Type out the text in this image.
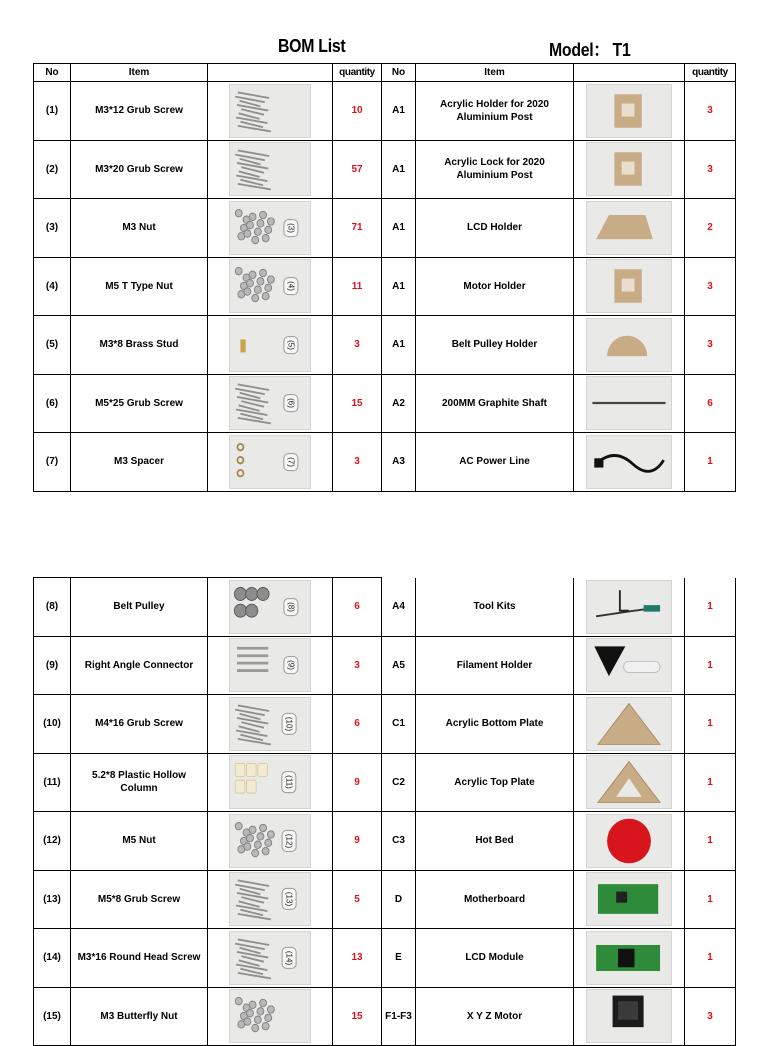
BOM List	Model： T1
No	Item		quantity	No	Item		quantity
(1)	M3*12 Grub Screw		10	A1	Acrylic Holder for 2020 Aluminium Post		3
(2)	M3*20 Grub Screw		57	A1	Acrylic Lock for 2020 Aluminium Post		3
(3)	M3 Nut	(3)	71	A1	LCD Holder		2
(4)	M5 T Type Nut	(4)	11	A1	Motor Holder		3
(5)	M3*8 Brass Stud	(5)	3	A1	Belt Pulley Holder		3
(6)	M5*25 Grub Screw	(6)	15	A2	200MM Graphite Shaft		6
(7)	M3 Spacer	(7)	3	A3	AC Power Line		1
(8)	Belt Pulley	(8)	6	A4	Tool Kits		1
(9)	Right Angle Connector	(9)	3	A5	Filament Holder		1
(10)	M4*16 Grub Screw	(10)	6	C1	Acrylic Bottom Plate		1
(11)	5.2*8 Plastic Hollow Column	(11)	9	C2	Acrylic Top Plate		1
(12)	M5 Nut	(12)	9	C3	Hot Bed		1
(13)	M5*8 Grub Screw	(13)	5	D	Motherboard		1
(14)	M3*16 Round Head Screw	(14)	13	E	LCD Module		1
(15)	M3 Butterfly Nut		15	F1-F3	X Y Z Motor		3
